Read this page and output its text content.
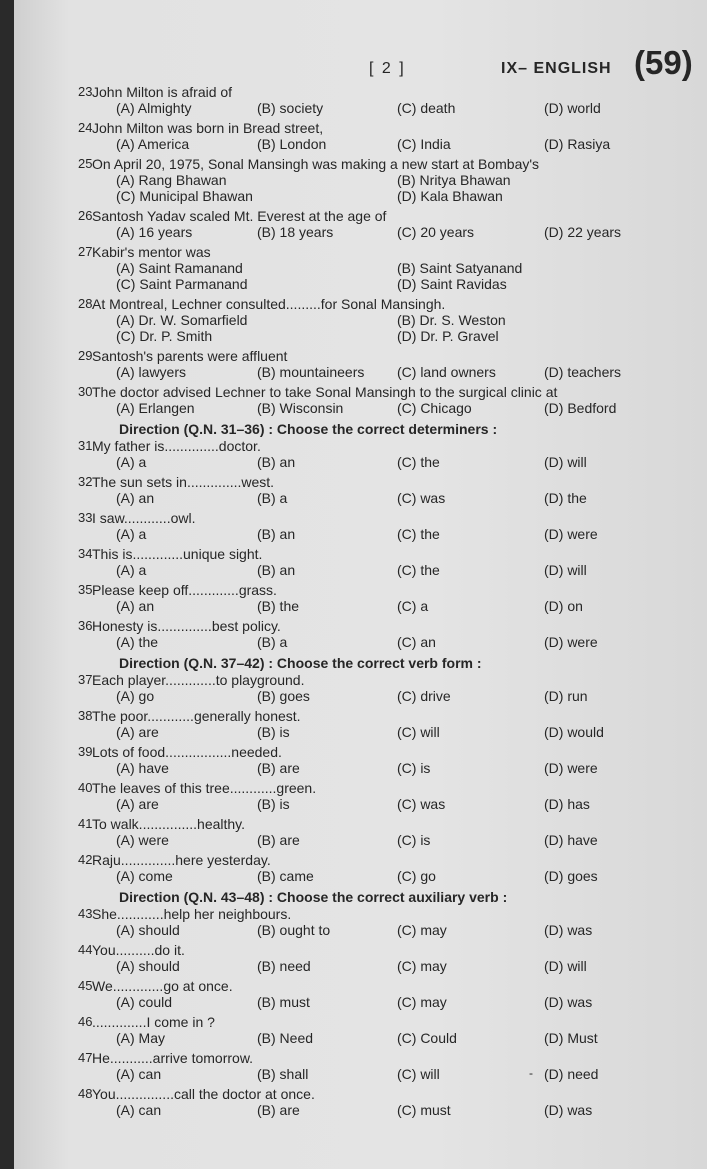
[ 2 ]	IX– ENGLISH (59)
-
23 John Milton is afraid of
(A) Almighty	(B) society	(C) death	(D) world
24 John Milton was born in Bread street,
(A) America	(B) London	(C) India	(D) Rasiya
25 On April 20, 1975, Sonal Mansingh was making a new start at Bombay's
(A) Rang Bhawan	(B) Nritya Bhawan
(C) Municipal Bhawan	(D) Kala Bhawan
26 Santosh Yadav scaled Mt. Everest at the age of
(A) 16 years	(B) 18 years	(C) 20 years	(D) 22 years
27 Kabir's mentor was
(A) Saint Ramanand	(B) Saint Satyanand
(C) Saint Parmanand	(D) Saint Ravidas
28 At Montreal, Lechner consulted.........for Sonal Mansingh.
(A) Dr. W. Somarfield	(B) Dr. S. Weston
(C) Dr. P. Smith	(D) Dr. P. Gravel
29 Santosh's parents were affluent
(A) lawyers	(B) mountaineers (C) land owners	(D) teachers
30 The doctor advised Lechner to take Sonal Mansingh to the surgical clinic at
(A) Erlangen	(B) Wisconsin	(C) Chicago	(D) Bedford
Direction (Q.N. 31–36) : Choose the correct determiners :
31 My father is..............doctor.
(A) a	(B) an	(C) the	(D) will
32 The sun sets in..............west.
(A) an	(B) a	(C) was	(D) the
33 I saw............owl.
(A) a	(B) an	(C) the	(D) were
34 This is.............unique sight.
(A) a	(B) an	(C) the	(D) will
35 Please keep off.............grass.
(A) an	(B) the	(C) a	(D) on
36 Honesty is..............best policy.
(A) the	(B) a	(C) an	(D) were
Direction (Q.N. 37–42) : Choose the correct verb form :
37 Each player.............to playground.
(A) go	(B) goes	(C) drive	(D) run
38 The poor............generally honest.
(A) are	(B) is	(C) will	(D) would
39 Lots of food.................needed.
(A) have	(B) are	(C) is	(D) were
40 The leaves of this tree............green.
(A) are	(B) is	(C) was	(D) has
41 To walk...............healthy.
(A) were	(B) are	(C) is	(D) have
42 Raju..............here yesterday.
(A) come	(B) came	(C) go	(D) goes
Direction (Q.N. 43–48) : Choose the correct auxiliary verb :
43 She............help her neighbours.
(A) should	(B) ought to	(C) may	(D) was
44 You..........do it.
(A) should	(B) need	(C) may	(D) will
45 We.............go at once.
(A) could	(B) must	(C) may	(D) was
46 ..............I come in ?
(A) May	(B) Need	(C) Could	(D) Must
47 He...........arrive tomorrow.
(A) can	(B) shall	(C) will	(D) need
48 You...............call the doctor at once.
(A) can	(B) are	(C) must	(D) was
